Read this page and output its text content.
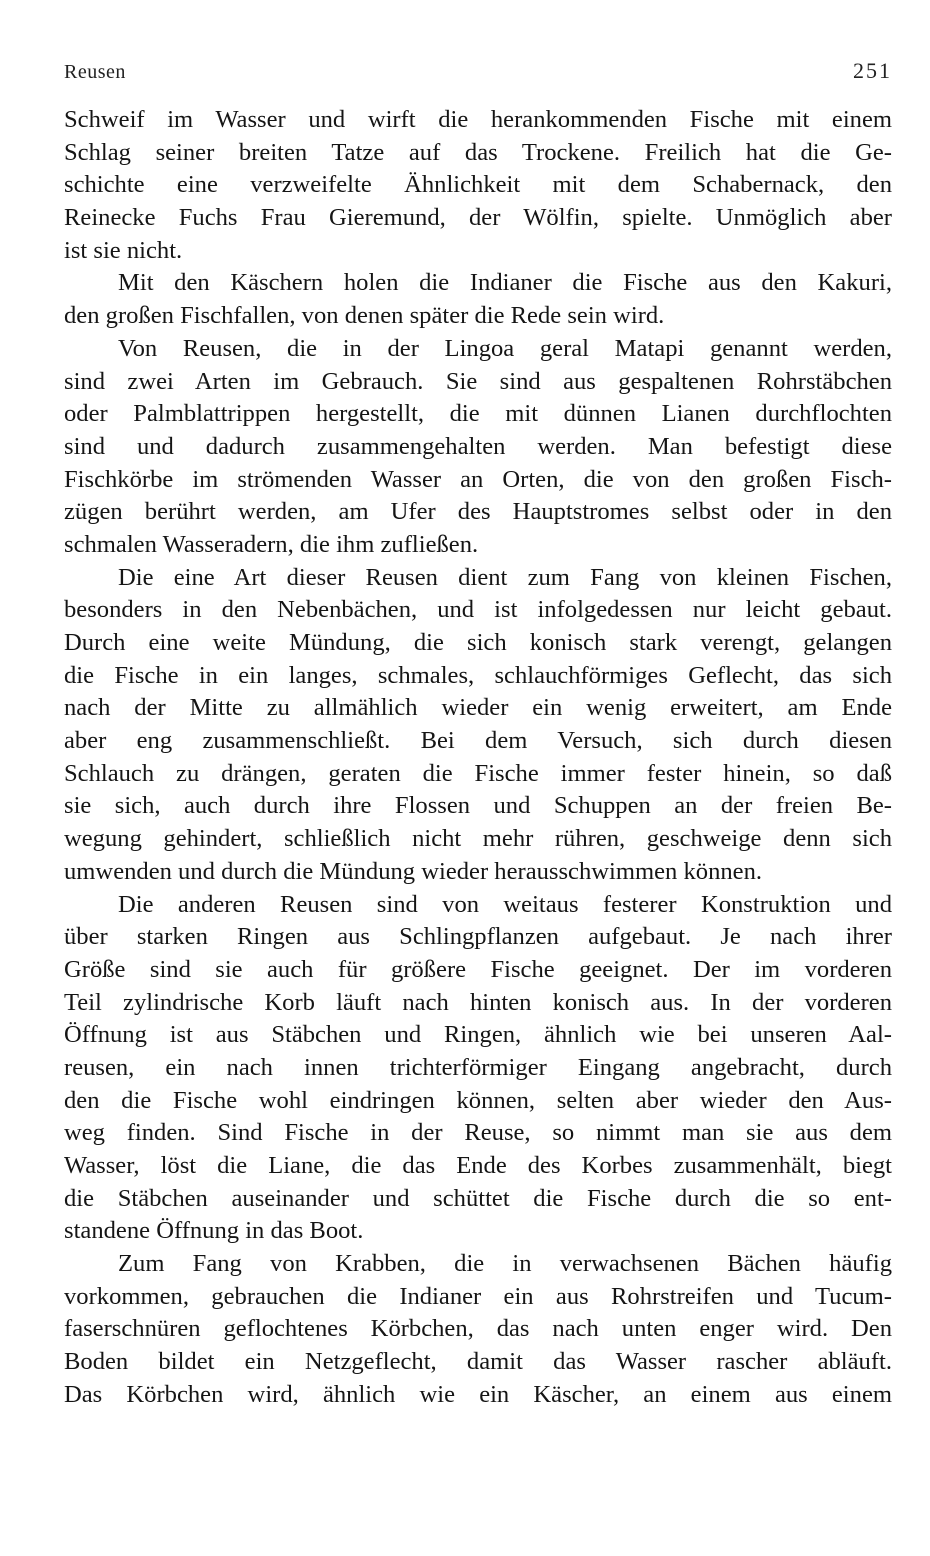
Reusen	251
Schweif im Wasser und wirft die herankommenden Fische mit einem
Schlag seiner breiten Tatze auf das Trockene. Freilich hat die Ge-
schichte eine verzweifelte Ähnlichkeit mit dem Schabernack, den
Reinecke Fuchs Frau Gieremund, der Wölfin, spielte. Unmöglich aber
ist sie nicht.
Mit den Käschern holen die Indianer die Fische aus den Kakuri,
den großen Fischfallen, von denen später die Rede sein wird.
Von Reusen, die in der Lingoa geral Matapi genannt werden,
sind zwei Arten im Gebrauch. Sie sind aus gespaltenen Rohrstäbchen
oder Palmblattrippen hergestellt, die mit dünnen Lianen durchflochten
sind und dadurch zusammengehalten werden. Man befestigt diese
Fischkörbe im strömenden Wasser an Orten, die von den großen Fisch-
zügen berührt werden, am Ufer des Hauptstromes selbst oder in den
schmalen Wasseradern, die ihm zufließen.
Die eine Art dieser Reusen dient zum Fang von kleinen Fischen,
besonders in den Nebenbächen, und ist infolgedessen nur leicht gebaut.
Durch eine weite Mündung, die sich konisch stark verengt, gelangen
die Fische in ein langes, schmales, schlauchförmiges Geflecht, das sich
nach der Mitte zu allmählich wieder ein wenig erweitert, am Ende
aber eng zusammenschließt. Bei dem Versuch, sich durch diesen
Schlauch zu drängen, geraten die Fische immer fester hinein, so daß
sie sich, auch durch ihre Flossen und Schuppen an der freien Be-
wegung gehindert, schließlich nicht mehr rühren, geschweige denn sich
umwenden und durch die Mündung wieder herausschwimmen können.
Die anderen Reusen sind von weitaus festerer Konstruktion und
über starken Ringen aus Schlingpflanzen aufgebaut. Je nach ihrer
Größe sind sie auch für größere Fische geeignet. Der im vorderen
Teil zylindrische Korb läuft nach hinten konisch aus. In der vorderen
Öffnung ist aus Stäbchen und Ringen, ähnlich wie bei unseren Aal-
reusen, ein nach innen trichterförmiger Eingang angebracht, durch
den die Fische wohl eindringen können, selten aber wieder den Aus-
weg finden. Sind Fische in der Reuse, so nimmt man sie aus dem
Wasser, löst die Liane, die das Ende des Korbes zusammenhält, biegt
die Stäbchen auseinander und schüttet die Fische durch die so ent-
standene Öffnung in das Boot.
Zum Fang von Krabben, die in verwachsenen Bächen häufig
vorkommen, gebrauchen die Indianer ein aus Rohrstreifen und Tucum-
faserschnüren geflochtenes Körbchen, das nach unten enger wird. Den
Boden bildet ein Netzgeflecht, damit das Wasser rascher abläuft.
Das Körbchen wird, ähnlich wie ein Käscher, an einem aus einem
